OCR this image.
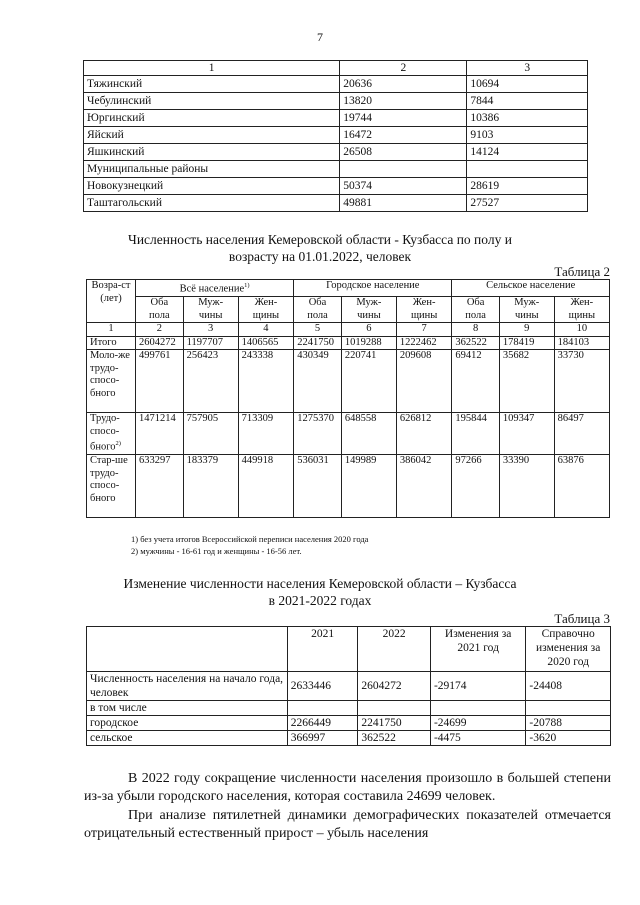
7
1	2	3
Тяжинский	20636	10694
Чебулинский	13820	7844
Юргинский	19744	10386
Яйский	16472	9103
Яшкинский	26508	14124
Муниципальные районы		
Новокузнецкий	50374	28619
Таштагольский	49881	27527
Численность населения Кемеровской области - Кузбасса по полу и
возрасту на 01.01.2022, человек
Таблица 2
Возра-ст (лет)	Всё население$^{1)}$			Городское население			Сельское население		
	Оба пола	Муж-чины	Жен-щины	Оба пола	Муж-чины	Жен-щины	Оба пола	Муж-чины	Жен-щины
1	2	3	4	5	6	7	8	9	10
Итого	2604272	1197707	1406565	2241750	1019288	1222462	362522	178419	184103
Моло-же трудо-спосо-бного	499761	256423	243338	430349	220741	209608	69412	35682	33730
Трудо-спосо-бного$^{2)}$	1471214	757905	713309	1275370	648558	626812	195844	109347	86497
Стар-ше трудо-спосо-бного	633297	183379	449918	536031	149989	386042	97266	33390	63876
1) без учета итогов Всероссийской переписи населения 2020 года
2) мужчины - 16-61 год и женщины - 16-56 лет.
Изменение численности населения Кемеровской области – Кузбасса
в 2021-2022 годах
Таблица 3
	2021	2022	Изменения за 2021 год	Справочно изменения за 2020 год
Численность населения на начало года, человек	2633446	2604272	-29174	-24408
в том числе				
городское	2266449	2241750	-24699	-20788
сельское	366997	362522	-4475	-3620
В 2022 году сокращение численности населения произошло в большей степени из-за убыли городского населения, которая составила 24699 человек.
При анализе пятилетней динамики демографических показателей отмечается отрицательный естественный прирост – убыль населения
